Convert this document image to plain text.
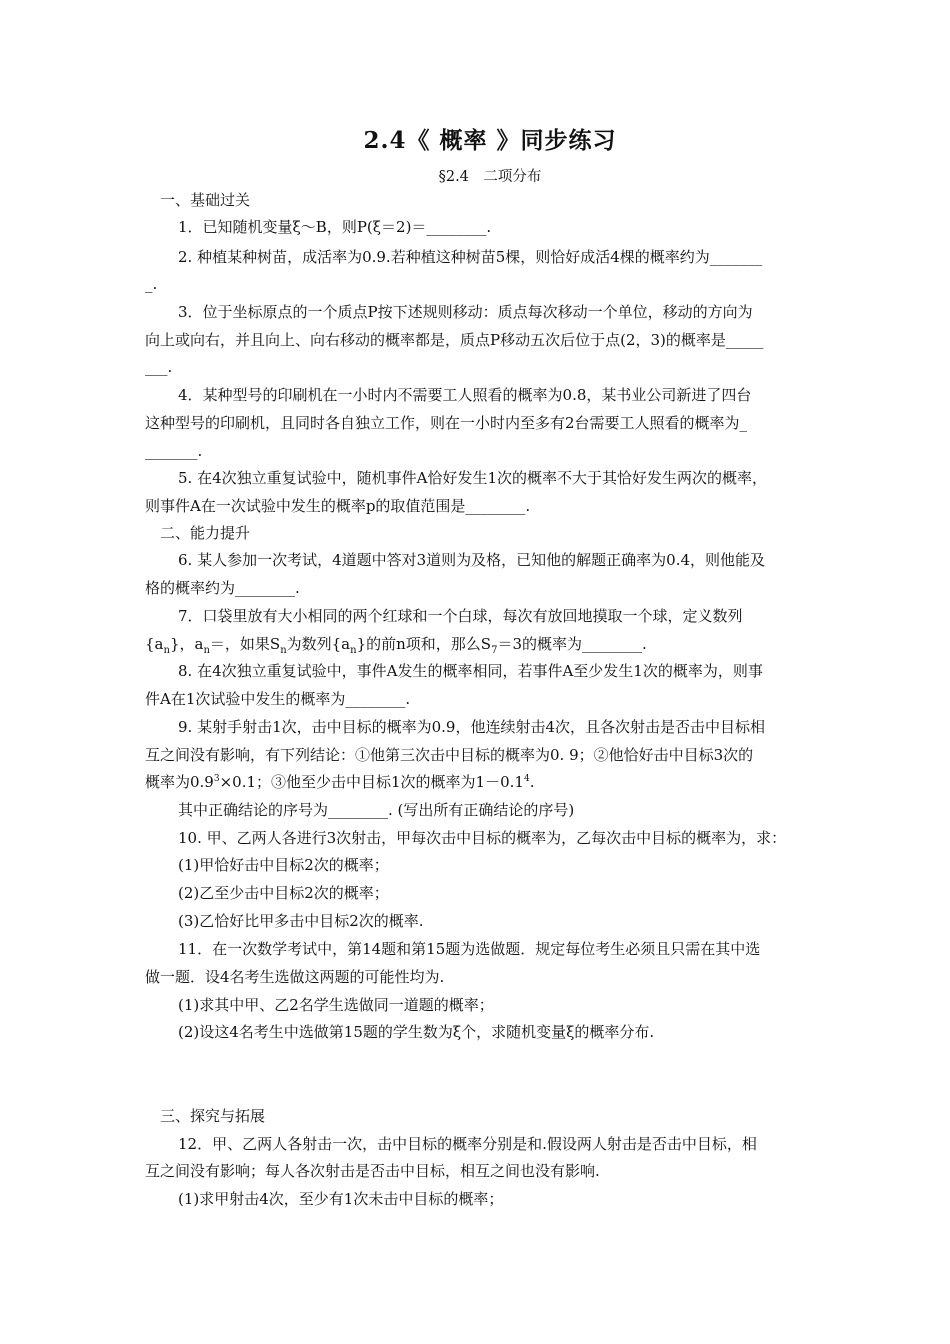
2.4《 概率 》同步练习
§2.4　二项分布
一、基础过关
1．已知随机变量ξ～B，则P(ξ＝2)＝________.
2. 种植某种树苗，成活率为0.9.若种植这种树苗5棵，则恰好成活4棵的概率约为_______
_.
3．位于坐标原点的一个质点P按下述规则移动：质点每次移动一个单位，移动的方向为
向上或向右，并且向上、向右移动的概率都是，质点P移动五次后位于点(2，3)的概率是_____
___.
4．某种型号的印刷机在一小时内不需要工人照看的概率为0.8，某书业公司新进了四台
这种型号的印刷机，且同时各自独立工作，则在一小时内至多有2台需要工人照看的概率为_
_______.
5. 在4次独立重复试验中，随机事件A恰好发生1次的概率不大于其恰好发生两次的概率，
则事件A在一次试验中发生的概率p的取值范围是________.
二、能力提升
6. 某人参加一次考试，4道题中答对3道则为及格，已知他的解题正确率为0.4，则他能及
格的概率约为________.
7．口袋里放有大小相同的两个红球和一个白球，每次有放回地摸取一个球，定义数列
$\{a_n\}$，$a_n=$，如果$S_n$为数列$\{a_n\}$的前n项和，那么$S_7=3$的概率为________.
8. 在4次独立重复试验中，事件A发生的概率相同，若事件A至少发生1次的概率为，则事
件A在1次试验中发生的概率为________.
9. 某射手射击1次，击中目标的概率为0.9，他连续射击4次，且各次射击是否击中目标相
互之间没有影响，有下列结论：①他第三次击中目标的概率为0. 9；②他恰好击中目标3次的
概率为$0.9^3\times 0.1$；③他至少击中目标1次的概率为$1-0.1^4$.
其中正确结论的序号为________. (写出所有正确结论的序号)
10. 甲、乙两人各进行3次射击，甲每次击中目标的概率为，乙每次击中目标的概率为，求：
(1)甲恰好击中目标2次的概率；
(2)乙至少击中目标2次的概率；
(3)乙恰好比甲多击中目标2次的概率.
11．在一次数学考试中，第14题和第15题为选做题．规定每位考生必须且只需在其中选
做一题．设4名考生选做这两题的可能性均为.
(1)求其中甲、乙2名学生选做同一道题的概率；
(2)设这4名考生中选做第15题的学生数为ξ个，求随机变量ξ的概率分布.
三、探究与拓展
12．甲、乙两人各射击一次，击中目标的概率分别是和.假设两人射击是否击中目标，相
互之间没有影响；每人各次射击是否击中目标，相互之间也没有影响.
(1)求甲射击4次，至少有1次未击中目标的概率；
